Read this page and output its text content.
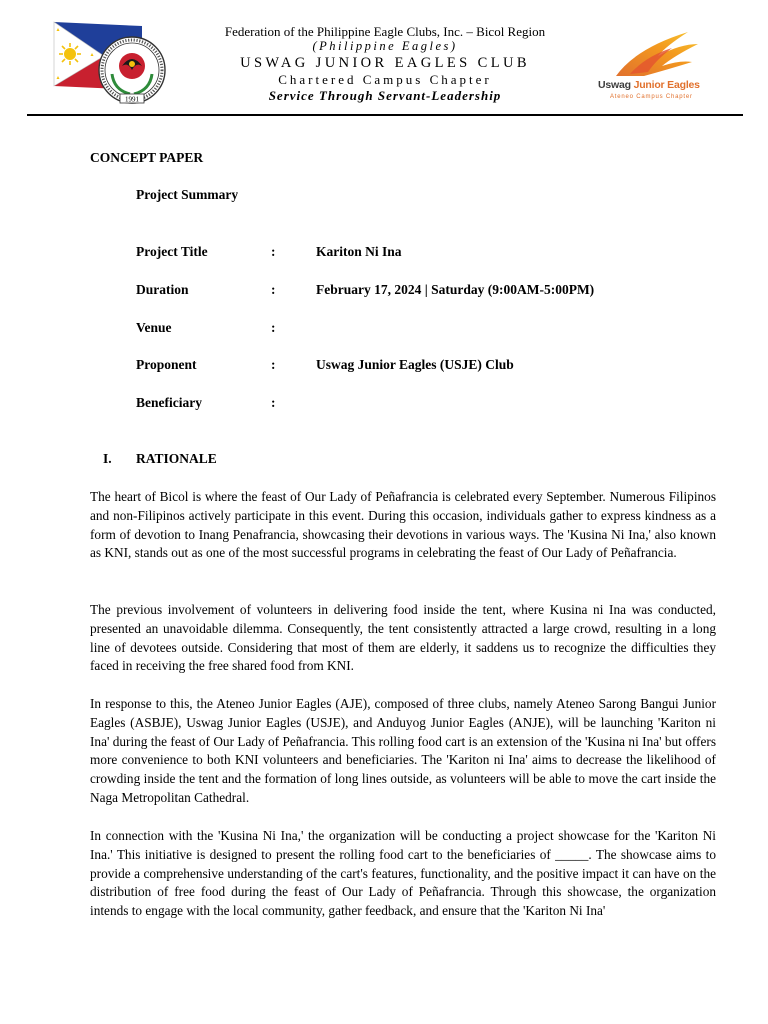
1991
Federation of the Philippine Eagle Clubs, Inc. – Bicol Region
(Philippine Eagles)
USWAG JUNIOR EAGLES CLUB
Chartered Campus Chapter
Service Through Servant-Leadership
Uswag Junior Eagles
Ateneo Campus Chapter
CONCEPT PAPER
Project Summary
Project Title	:	Kariton Ni Ina
Duration	:	February 17, 2024 | Saturday (9:00AM-5:00PM)
Venue	:
Proponent	:	Uswag Junior Eagles (USJE) Club
Beneficiary	:
I. RATIONALE

The heart of Bicol is where the feast of Our Lady of Peñafrancia is celebrated every September. Numerous Filipinos and non-Filipinos actively participate in this event. During this occasion, individuals gather to express kindness as a form of devotion to Inang Penafrancia, showcasing their devotions in various ways. The 'Kusina Ni Ina,' also known as KNI, stands out as one of the most successful programs in celebrating the feast of Our Lady of Peñafrancia.

The previous involvement of volunteers in delivering food inside the tent, where Kusina ni Ina was conducted, presented an unavoidable dilemma. Consequently, the tent consistently attracted a large crowd, resulting in a long line of devotees outside. Considering that most of them are elderly, it saddens us to recognize the difficulties they faced in receiving the free shared food from KNI.

In response to this, the Ateneo Junior Eagles (AJE), composed of three clubs, namely Ateneo Sarong Bangui Junior Eagles (ASBJE), Uswag Junior Eagles (USJE), and Anduyog Junior Eagles (ANJE), will be launching 'Kariton ni Ina' during the feast of Our Lady of Peñafrancia. This rolling food cart is an extension of the 'Kusina ni Ina' but offers more convenience to both KNI volunteers and beneficiaries. The 'Kariton ni Ina' aims to decrease the likelihood of crowding inside the tent and the formation of long lines outside, as volunteers will be able to move the cart inside the Naga Metropolitan Cathedral.

In connection with the 'Kusina Ni Ina,' the organization will be conducting a project showcase for the 'Kariton Ni Ina.' This initiative is designed to present the rolling food cart to the beneficiaries of _____. The showcase aims to provide a comprehensive understanding of the cart's features, functionality, and the positive impact it can have on the distribution of free food during the feast of Our Lady of Peñafrancia. Through this showcase, the organization intends to engage with the local community, gather feedback, and ensure that the 'Kariton Ni Ina'
